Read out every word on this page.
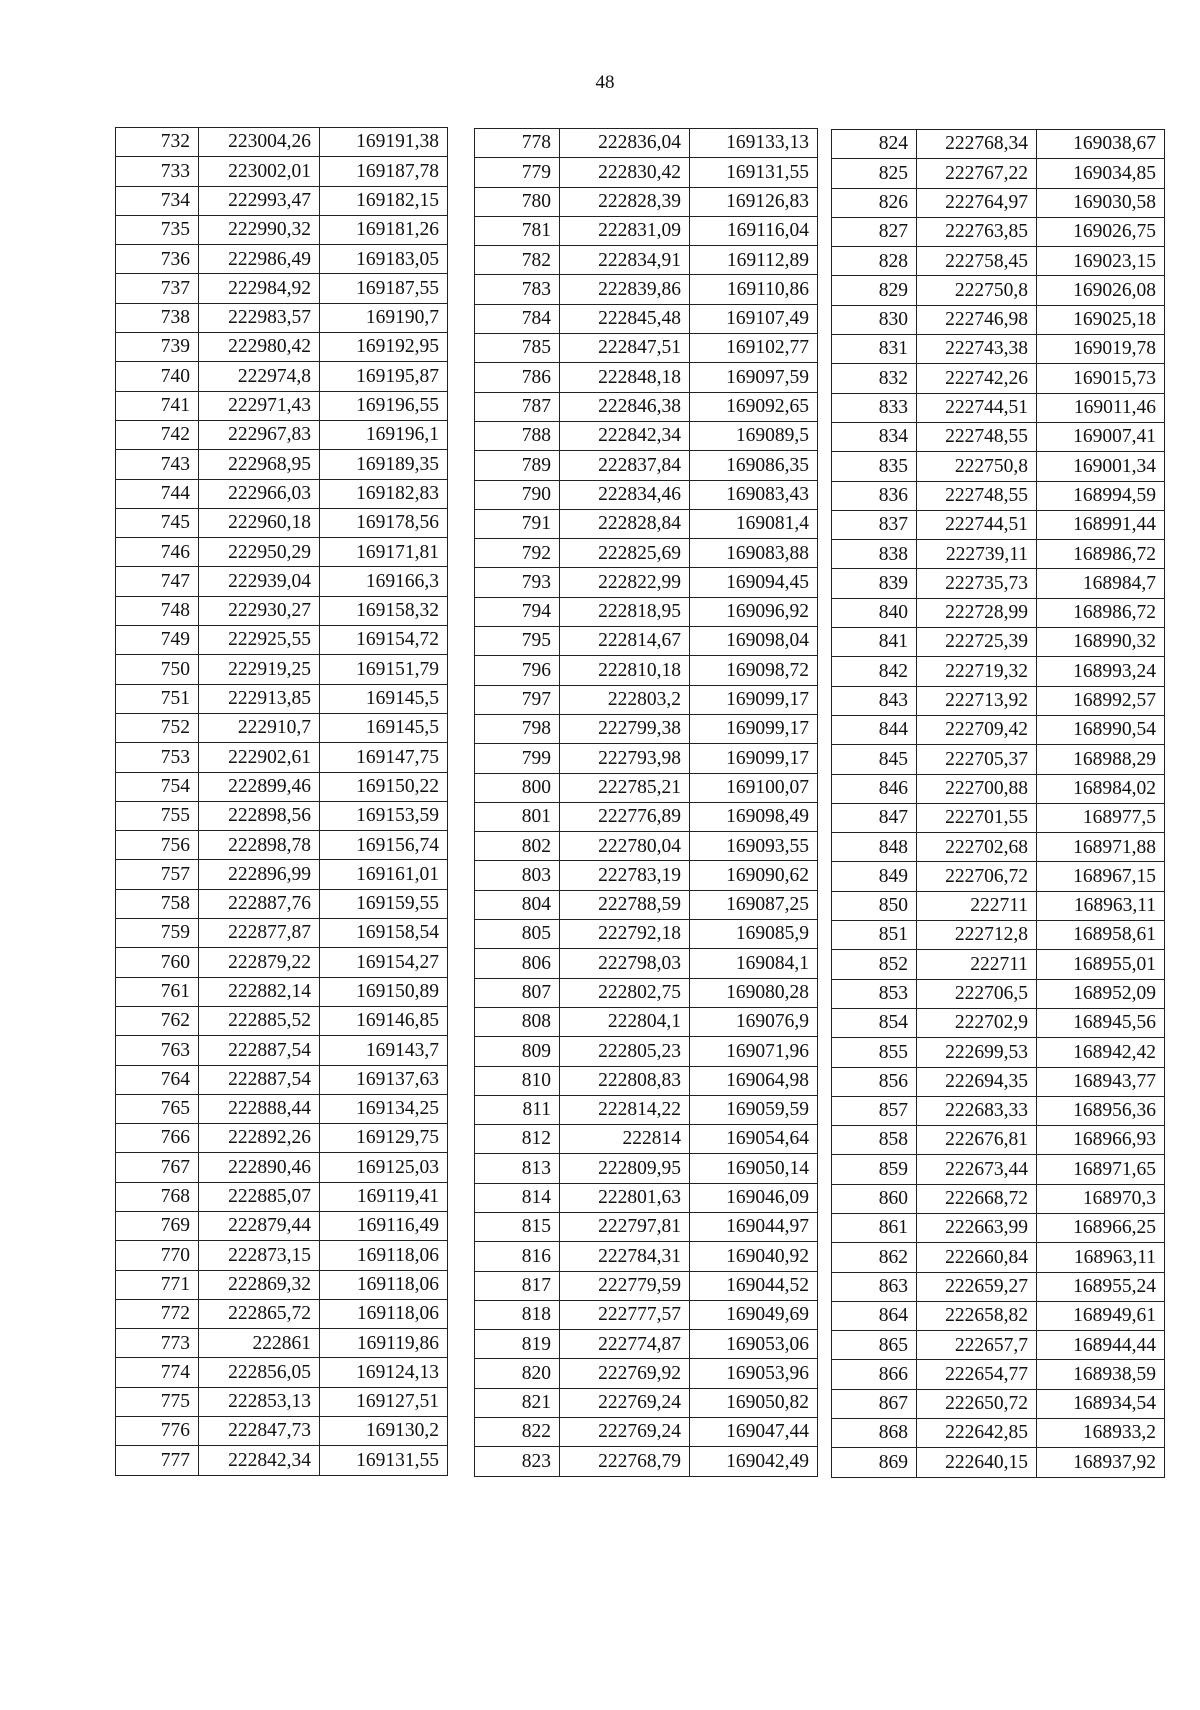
48
732	223004,26	169191,38
733	223002,01	169187,78
734	222993,47	169182,15
735	222990,32	169181,26
736	222986,49	169183,05
737	222984,92	169187,55
738	222983,57	169190,7
739	222980,42	169192,95
740	222974,8	169195,87
741	222971,43	169196,55
742	222967,83	169196,1
743	222968,95	169189,35
744	222966,03	169182,83
745	222960,18	169178,56
746	222950,29	169171,81
747	222939,04	169166,3
748	222930,27	169158,32
749	222925,55	169154,72
750	222919,25	169151,79
751	222913,85	169145,5
752	222910,7	169145,5
753	222902,61	169147,75
754	222899,46	169150,22
755	222898,56	169153,59
756	222898,78	169156,74
757	222896,99	169161,01
758	222887,76	169159,55
759	222877,87	169158,54
760	222879,22	169154,27
761	222882,14	169150,89
762	222885,52	169146,85
763	222887,54	169143,7
764	222887,54	169137,63
765	222888,44	169134,25
766	222892,26	169129,75
767	222890,46	169125,03
768	222885,07	169119,41
769	222879,44	169116,49
770	222873,15	169118,06
771	222869,32	169118,06
772	222865,72	169118,06
773	222861	169119,86
774	222856,05	169124,13
775	222853,13	169127,51
776	222847,73	169130,2
777	222842,34	169131,55
778	222836,04	169133,13
779	222830,42	169131,55
780	222828,39	169126,83
781	222831,09	169116,04
782	222834,91	169112,89
783	222839,86	169110,86
784	222845,48	169107,49
785	222847,51	169102,77
786	222848,18	169097,59
787	222846,38	169092,65
788	222842,34	169089,5
789	222837,84	169086,35
790	222834,46	169083,43
791	222828,84	169081,4
792	222825,69	169083,88
793	222822,99	169094,45
794	222818,95	169096,92
795	222814,67	169098,04
796	222810,18	169098,72
797	222803,2	169099,17
798	222799,38	169099,17
799	222793,98	169099,17
800	222785,21	169100,07
801	222776,89	169098,49
802	222780,04	169093,55
803	222783,19	169090,62
804	222788,59	169087,25
805	222792,18	169085,9
806	222798,03	169084,1
807	222802,75	169080,28
808	222804,1	169076,9
809	222805,23	169071,96
810	222808,83	169064,98
811	222814,22	169059,59
812	222814	169054,64
813	222809,95	169050,14
814	222801,63	169046,09
815	222797,81	169044,97
816	222784,31	169040,92
817	222779,59	169044,52
818	222777,57	169049,69
819	222774,87	169053,06
820	222769,92	169053,96
821	222769,24	169050,82
822	222769,24	169047,44
823	222768,79	169042,49
824	222768,34	169038,67
825	222767,22	169034,85
826	222764,97	169030,58
827	222763,85	169026,75
828	222758,45	169023,15
829	222750,8	169026,08
830	222746,98	169025,18
831	222743,38	169019,78
832	222742,26	169015,73
833	222744,51	169011,46
834	222748,55	169007,41
835	222750,8	169001,34
836	222748,55	168994,59
837	222744,51	168991,44
838	222739,11	168986,72
839	222735,73	168984,7
840	222728,99	168986,72
841	222725,39	168990,32
842	222719,32	168993,24
843	222713,92	168992,57
844	222709,42	168990,54
845	222705,37	168988,29
846	222700,88	168984,02
847	222701,55	168977,5
848	222702,68	168971,88
849	222706,72	168967,15
850	222711	168963,11
851	222712,8	168958,61
852	222711	168955,01
853	222706,5	168952,09
854	222702,9	168945,56
855	222699,53	168942,42
856	222694,35	168943,77
857	222683,33	168956,36
858	222676,81	168966,93
859	222673,44	168971,65
860	222668,72	168970,3
861	222663,99	168966,25
862	222660,84	168963,11
863	222659,27	168955,24
864	222658,82	168949,61
865	222657,7	168944,44
866	222654,77	168938,59
867	222650,72	168934,54
868	222642,85	168933,2
869	222640,15	168937,92
